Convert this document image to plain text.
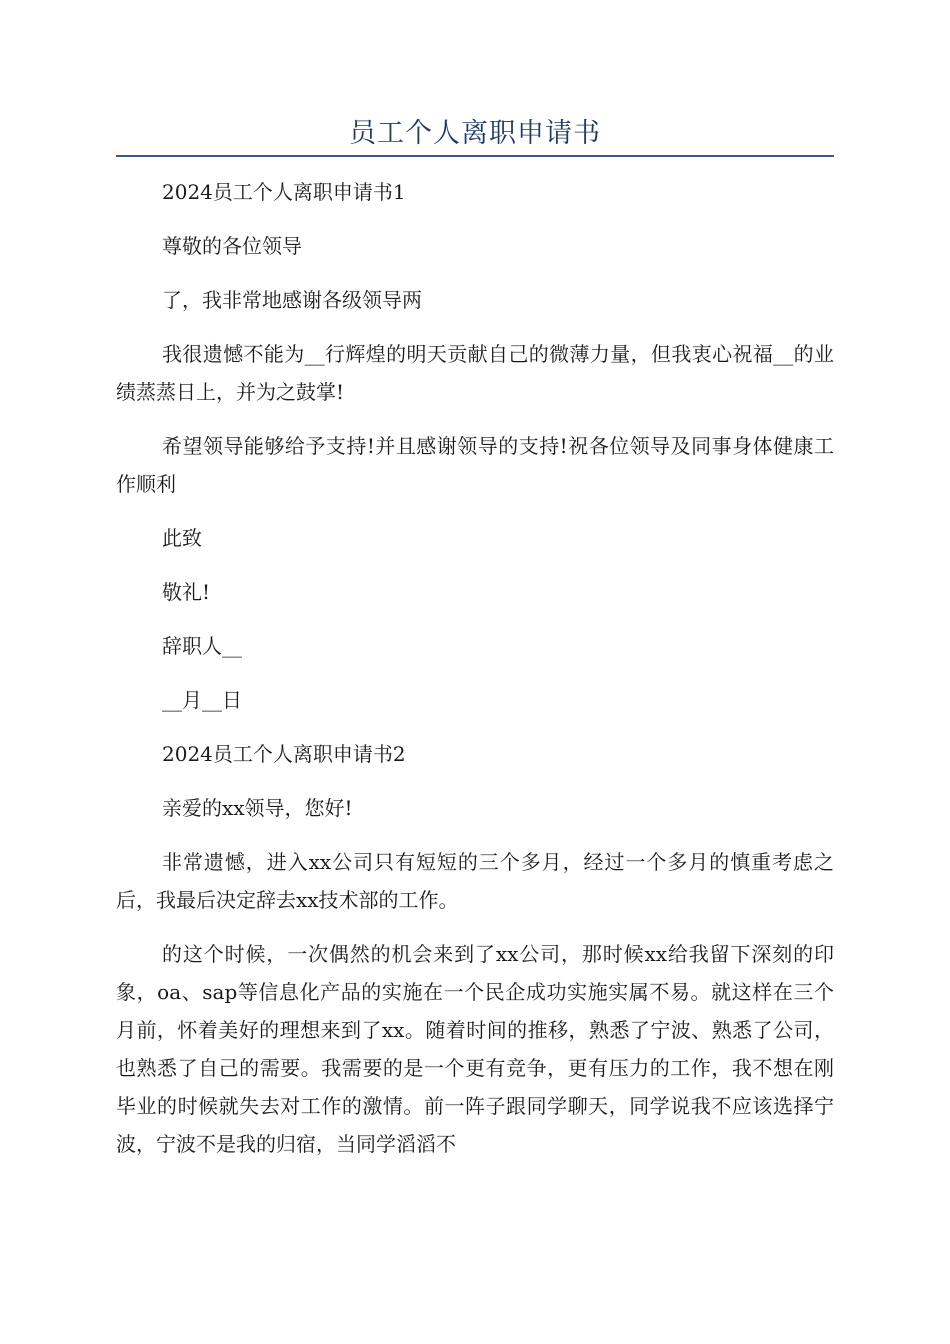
员工个人离职申请书

2024员工个人离职申请书1

尊敬的各位领导

了，我非常地感谢各级领导两

我很遗憾不能为__行辉煌的明天贡献自己的微薄力量，但我衷心祝福__的业绩蒸蒸日上，并为之鼓掌!

希望领导能够给予支持!并且感谢领导的支持!祝各位领导及同事身体健康工作顺利

此致

敬礼!

辞职人__

__月__日

2024员工个人离职申请书2

亲爱的xx领导，您好!

非常遗憾，进入xx公司只有短短的三个多月，经过一个多月的慎重考虑之后，我最后决定辞去xx技术部的工作。

的这个时候，一次偶然的机会来到了xx公司，那时候xx给我留下深刻的印象，oa、sap等信息化产品的实施在一个民企成功实施实属不易。就这样在三个月前，怀着美好的理想来到了xx。随着时间的推移，熟悉了宁波、熟悉了公司，也熟悉了自己的需要。我需要的是一个更有竞争，更有压力的工作，我不想在刚毕业的时候就失去对工作的激情。前一阵子跟同学聊天，同学说我不应该选择宁波，宁波不是我的归宿，当同学滔滔不
